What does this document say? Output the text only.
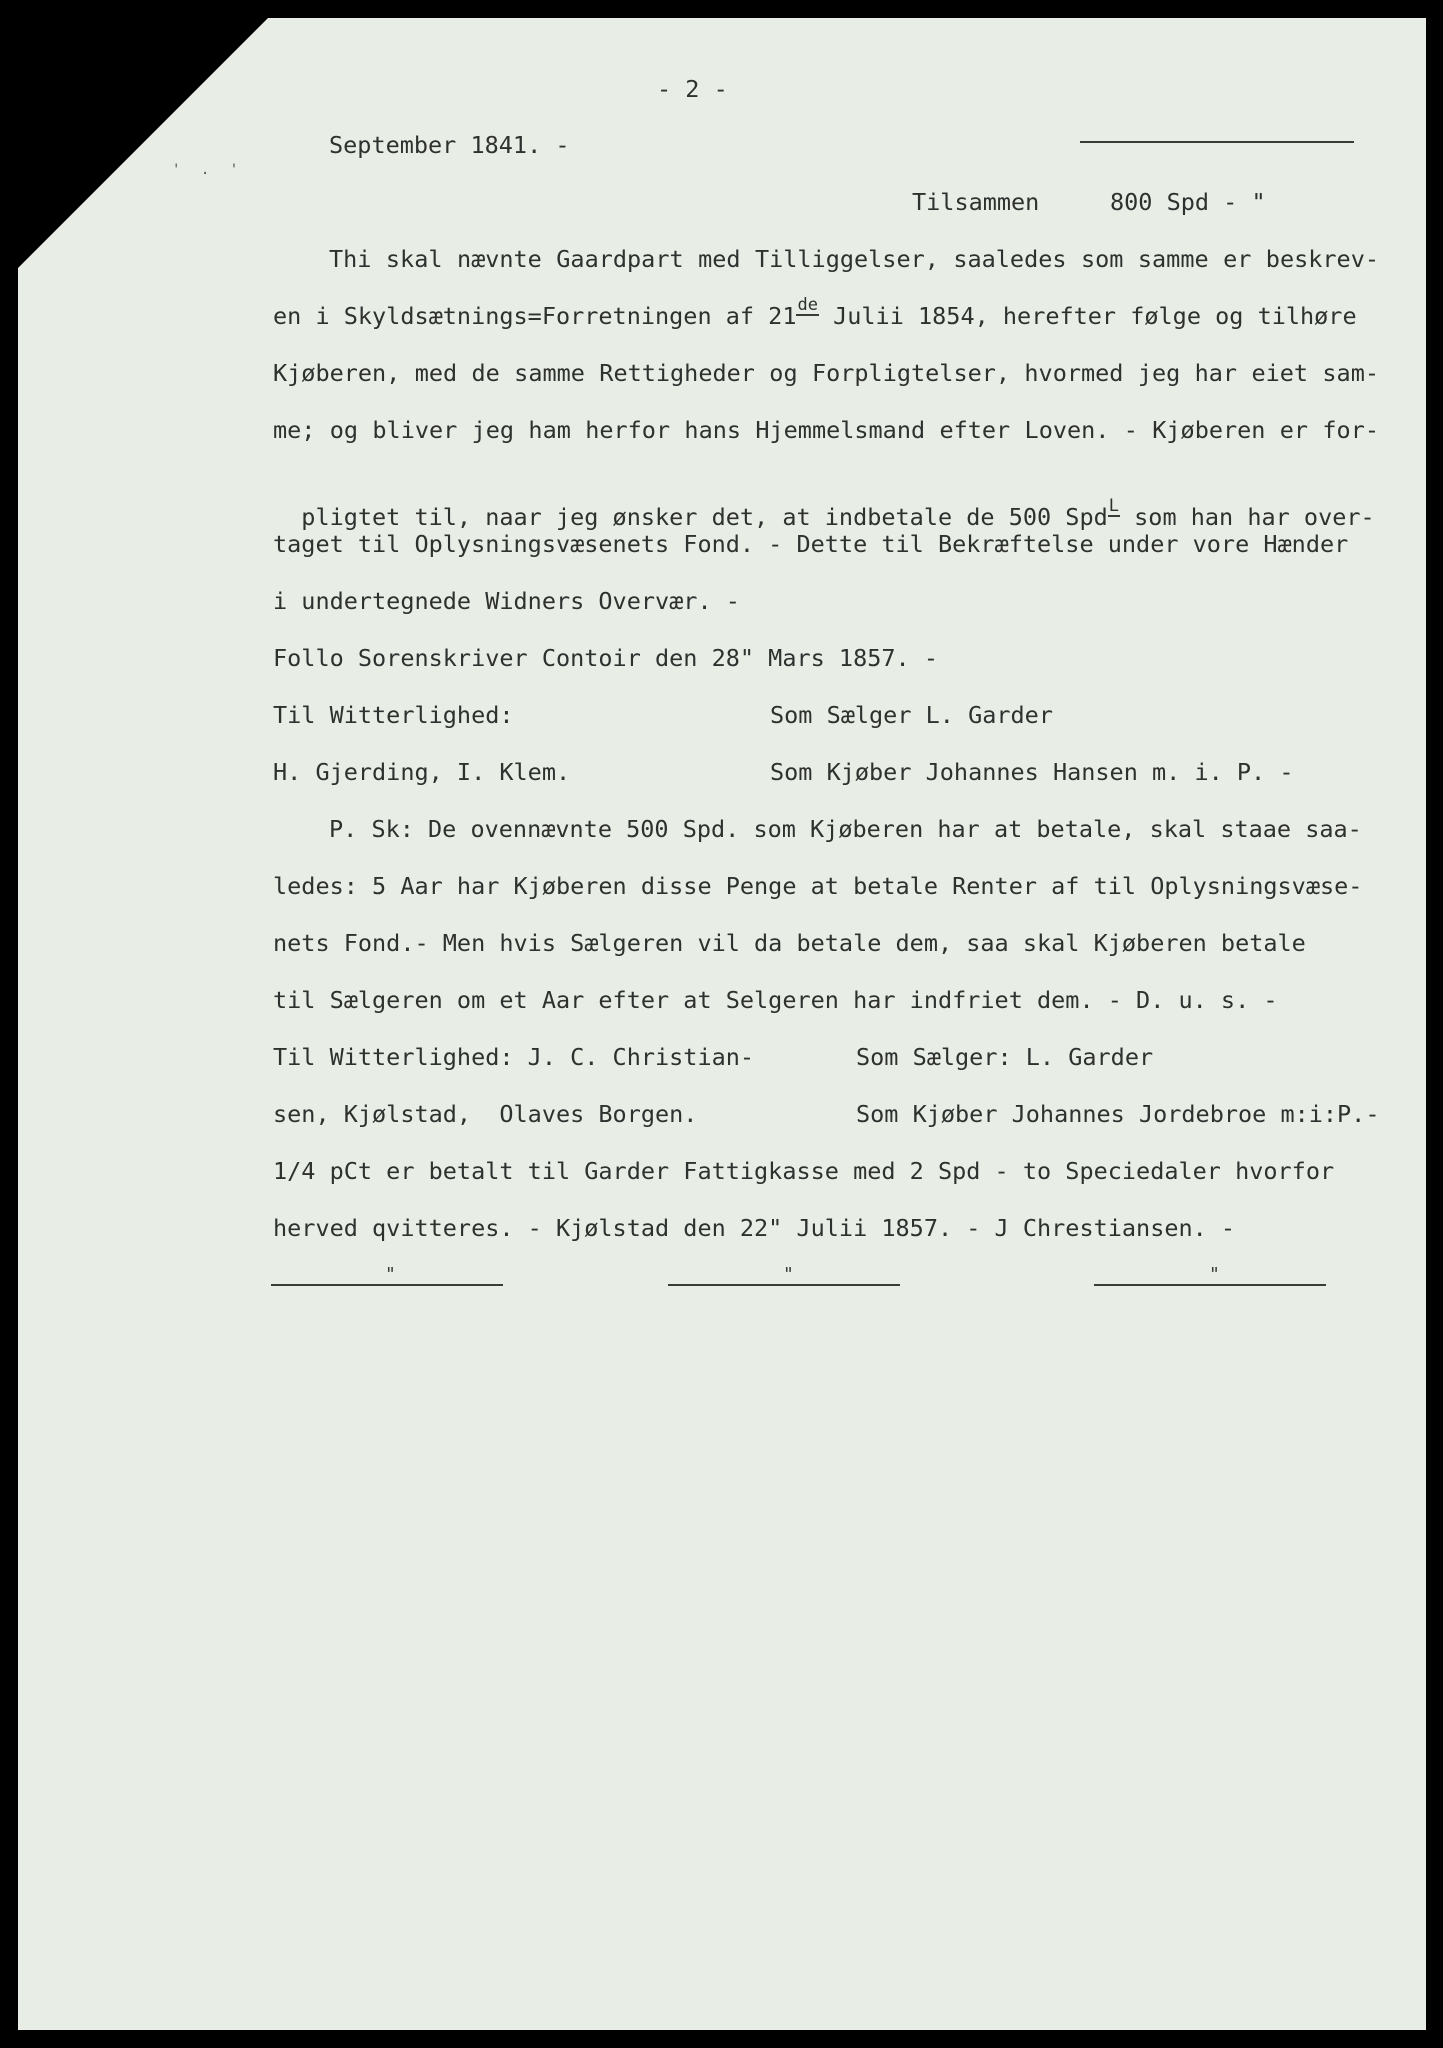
' . '
- 2 -
September 1841. -
Tilsammen	800 Spd - "
Thi skal nævnte Gaardpart med Tilliggelser, saaledes som samme er beskrev-
en i Skyldsætnings=Forretningen af 21de Julii 1854, herefter følge og tilhøre
Kjøberen, med de samme Rettigheder og Forpligtelser, hvormed jeg har eiet sam-
me; og bliver jeg ham herfor hans Hjemmelsmand efter Loven. - Kjøberen er for-

pligtet til, naar jeg ønsker det, at indbetale de 500 Spd$^L$ som han har over-

taget til Oplysningsvæsenets Fond. - Dette til Bekræftelse under vore Hænder
i undertegnede Widners Overvær. -
Follo Sorenskriver Contoir den 28" Mars 1857. -
Til Witterlighed:	Som Sælger L. Garder
H. Gjerding, I. Klem.	Som Kjøber Johannes Hansen m. i. P. -
P. Sk: De ovennævnte 500 Spd. som Kjøberen har at betale, skal staae saa-
ledes: 5 Aar har Kjøberen disse Penge at betale Renter af til Oplysningsvæse-
nets Fond.- Men hvis Sælgeren vil da betale dem, saa skal Kjøberen betale
til Sælgeren om et Aar efter at Selgeren har indfriet dem. - D. u. s. -
Til Witterlighed: J. C. Christian-	Som Sælger: L. Garder
sen, Kjølstad,  Olaves Borgen.	Som Kjøber Johannes Jordebroe m:i:P.-
1/4 pCt er betalt til Garder Fattigkasse med 2 Spd - to Speciedaler hvorfor
herved qvitteres. - Kjølstad den 22" Julii 1857. - J Chrestiansen. -
"	"	"
